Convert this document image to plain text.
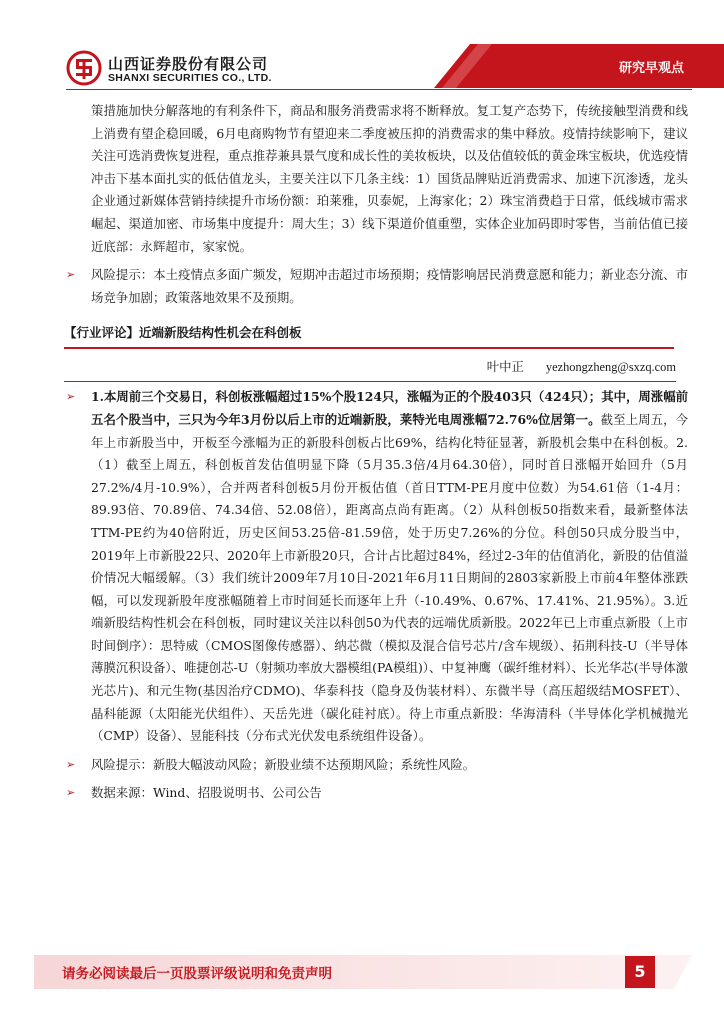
山西证券股份有限公司
SHANXI SECURITIES CO., LTD.
研究早观点

策措施加快分解落地的有利条件下，商品和服务消费需求将不断释放。复工复产态势下，传统接触型消费和线上消费有望企稳回暖，6月电商购物节有望迎来二季度被压抑的消费需求的集中释放。疫情持续影响下，建议关注可选消费恢复进程，重点推荐兼具景气度和成长性的美妆板块，以及估值较低的黄金珠宝板块，优选疫情冲击下基本面扎实的低估值龙头，主要关注以下几条主线：1）国货品牌贴近消费需求、加速下沉渗透，龙头企业通过新媒体营销持续提升市场份额：珀莱雅，贝泰妮，上海家化；2）珠宝消费趋于日常，低线城市需求崛起、渠道加密、市场集中度提升：周大生；3）线下渠道价值重塑，实体企业加码即时零售，当前估值已接近底部：永辉超市，家家悦。

➢ 风险提示：本土疫情点多面广频发，短期冲击超过市场预期；疫情影响居民消费意愿和能力；新业态分流、市场竞争加剧；政策落地效果不及预期。

【行业评论】近端新股结构性机会在科创板
叶中正 yezhongzheng@sxzq.com

➢ 1.本周前三个交易日，科创板涨幅超过15%个股124只，涨幅为正的个股403只（424只）；其中，周涨幅前五名个股当中，三只为今年3月份以后上市的近端新股，莱特光电周涨幅72.76%位居第一。截至上周五，今年上市新股当中，开板至今涨幅为正的新股科创板占比69%，结构化特征显著，新股机会集中在科创板。2.（1）截至上周五，科创板首发估值明显下降（5月35.3倍/4月64.30倍），同时首日涨幅开始回升（5月27.2%/4月-10.9%），合并两者科创板5月份开板估值（首日TTM-PE月度中位数）为54.61倍（1-4月：89.93倍、70.89倍、74.34倍、52.08倍），距离高点尚有距离。（2）从科创板50指数来看，最新整体法TTM-PE约为40倍附近，历史区间53.25倍-81.59倍，处于历史7.26%的分位。科创50只成分股当中，2019年上市新股22只、2020年上市新股20只，合计占比超过84%，经过2-3年的估值消化，新股的估值溢价情况大幅缓解。（3）我们统计2009年7月10日-2021年6月11日期间的2803家新股上市前4年整体涨跌幅，可以发现新股年度涨幅随着上市时间延长而逐年上升（-10.49%、0.67%、17.41%、21.95%）。3.近端新股结构性机会在科创板，同时建议关注以科创50为代表的远端优质新股。2022年已上市重点新股（上市时间倒序）：思特威（CMOS图像传感器）、纳芯微（模拟及混合信号芯片/含车规级）、拓荆科技-U（半导体薄膜沉积设备）、唯捷创芯-U（射频功率放大器模组(PA模组)）、中复神鹰（碳纤维材料）、长光华芯(半导体激光芯片)、和元生物(基因治疗CDMO)、华泰科技（隐身及伪装材料）、东微半导（高压超级结MOSFET）、晶科能源（太阳能光伏组件）、天岳先进（碳化硅衬底）。待上市重点新股：华海清科（半导体化学机械抛光（CMP）设备）、昱能科技（分布式光伏发电系统组件设备）。

➢ 风险提示：新股大幅波动风险；新股业绩不达预期风险；系统性风险。

➢ 数据来源：Wind、招股说明书、公司公告

请务必阅读最后一页股票评级说明和免责声明	5
